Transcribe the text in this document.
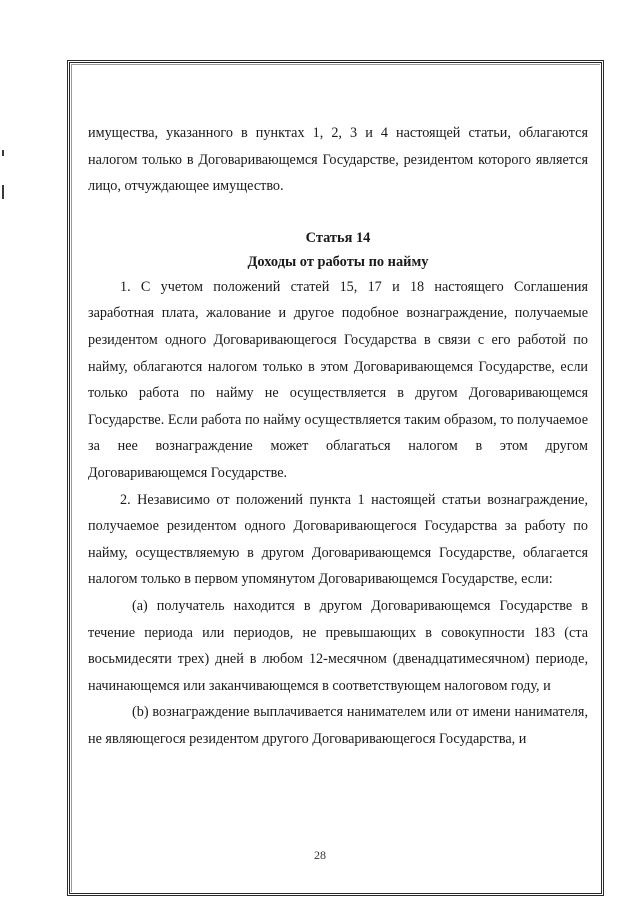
имущества, указанного в пунктах 1, 2, 3 и 4 настоящей статьи, облагаются налогом только в Договаривающемся Государстве, резидентом которого является лицо, отчуждающее имущество.

Статья 14

Доходы от работы по найму

1. С учетом положений статей 15, 17 и 18 настоящего Соглашения заработная плата, жалование и другое подобное вознаграждение, получаемые резидентом одного Договаривающегося Государства в связи с его работой по найму, облагаются налогом только в этом Договаривающемся Государстве, если только работа по найму не осуществляется в другом Договаривающемся Государстве. Если работа по найму осуществляется таким образом, то получаемое за нее вознаграждение может облагаться налогом в этом другом Договаривающемся Государстве.

2. Независимо от положений пункта 1 настоящей статьи вознаграждение, получаемое резидентом одного Договаривающегося Государства за работу по найму, осуществляемую в другом Договаривающемся Государстве, облагается налогом только в первом упомянутом Договаривающемся Государстве, если:

(a) получатель находится в другом Договаривающемся Государстве в течение периода или периодов, не превышающих в совокупности 183 (ста восьмидесяти трех) дней в любом 12-месячном (двенадцатимесячном) периоде, начинающемся или заканчивающемся в соответствующем налоговом году, и

(b) вознаграждение выплачивается нанимателем или от имени нанимателя, не являющегося резидентом другого Договаривающегося Государства, и

28
